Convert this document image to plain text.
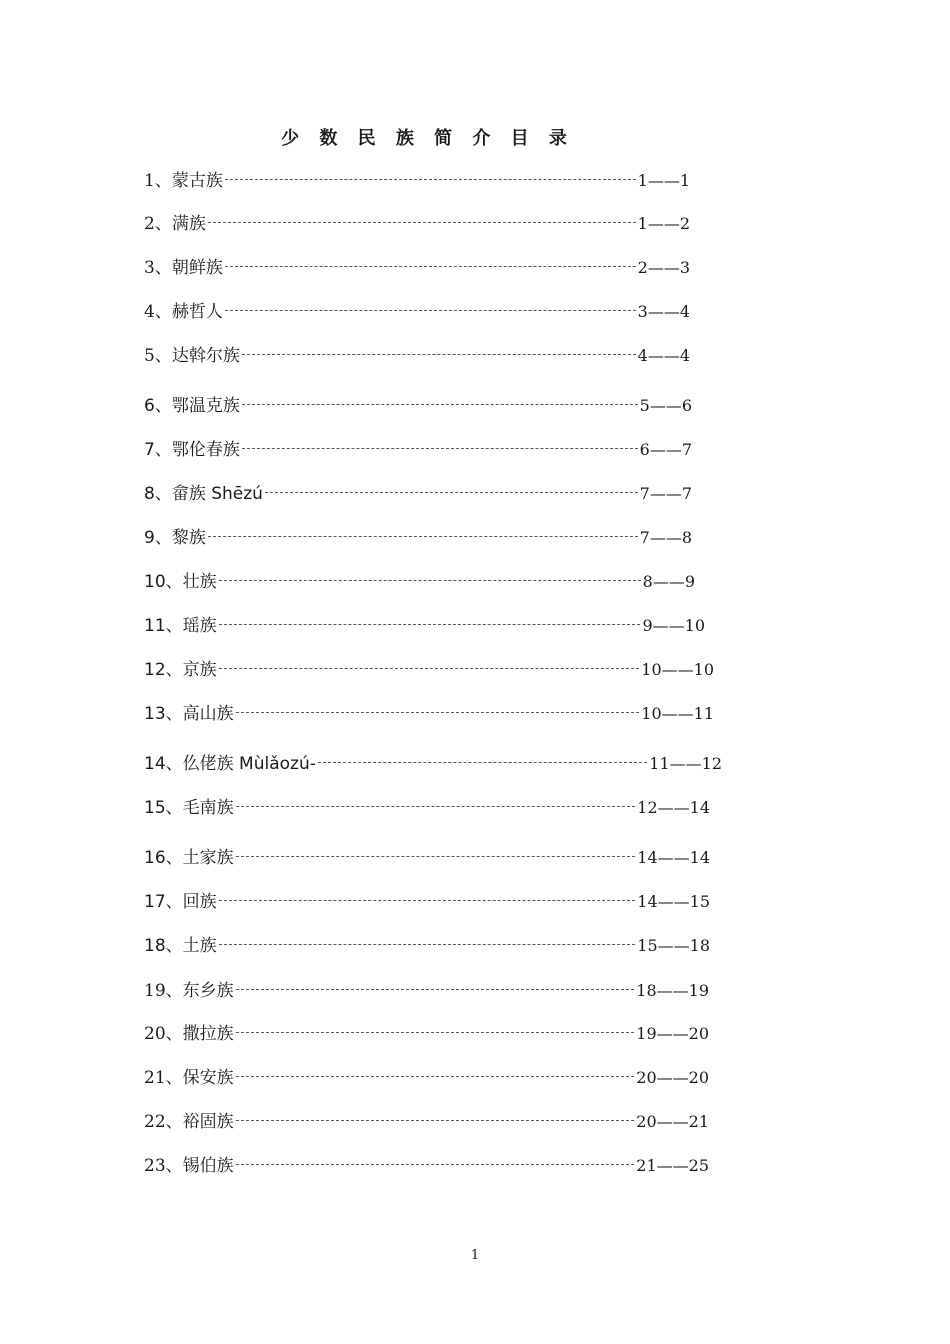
少 数 民 族 简 介 目 录
1、蒙古族	1——1
2、满族	1——2
3、朝鲜族	2——3
4、赫哲人	3——4
5、达斡尔族	4——4
6、鄂温克族	5——6
7、鄂伦春族	6——7
8、畲族 Shēzú	7——7
9、黎族	7——8
10、壮族	8——9
11、瑶族	9——10
12、京族	10——10
13、高山族	10——11
14、仫佬族 Mùlǎozú-	11——12
15、毛南族	12——14
16、土家族	14——14
17、回族	14——15
18、土族	15——18
19、东乡族	18——19
20、撒拉族	19——20
21、保安族	20——20
22、裕固族	20——21
23、锡伯族	21——25
1
